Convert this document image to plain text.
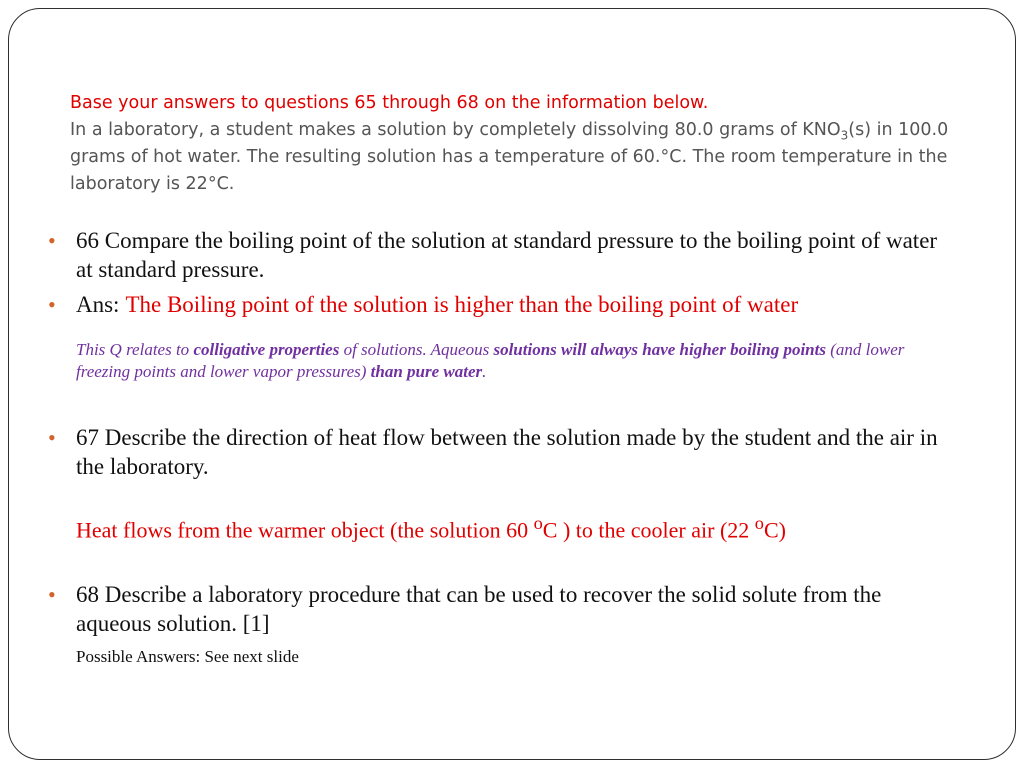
Base your answers to questions 65 through 68 on the information below.
In a laboratory, a student makes a solution by completely dissolving 80.0 grams of $KNO_3(s)$ in 100.0 grams of hot water. The resulting solution has a temperature of 60.°C. The room temperature in the laboratory is 22°C.
• 66 Compare the boiling point of the solution at standard pressure to the boiling point of water at standard pressure.
• Ans: The Boiling point of the solution is higher than the boiling point of water
This Q relates to colligative properties of solutions. Aqueous solutions will always have higher boiling points (and lower freezing points and lower vapor pressures) than pure water.
• 67 Describe the direction of heat flow between the solution made by the student and the air in the laboratory.
Heat flows from the warmer object (the solution 60 $^o$C ) to the cooler air (22 $^o$C)
• 68 Describe a laboratory procedure that can be used to recover the solid solute from the aqueous solution. [1]
Possible Answers: See next slide
